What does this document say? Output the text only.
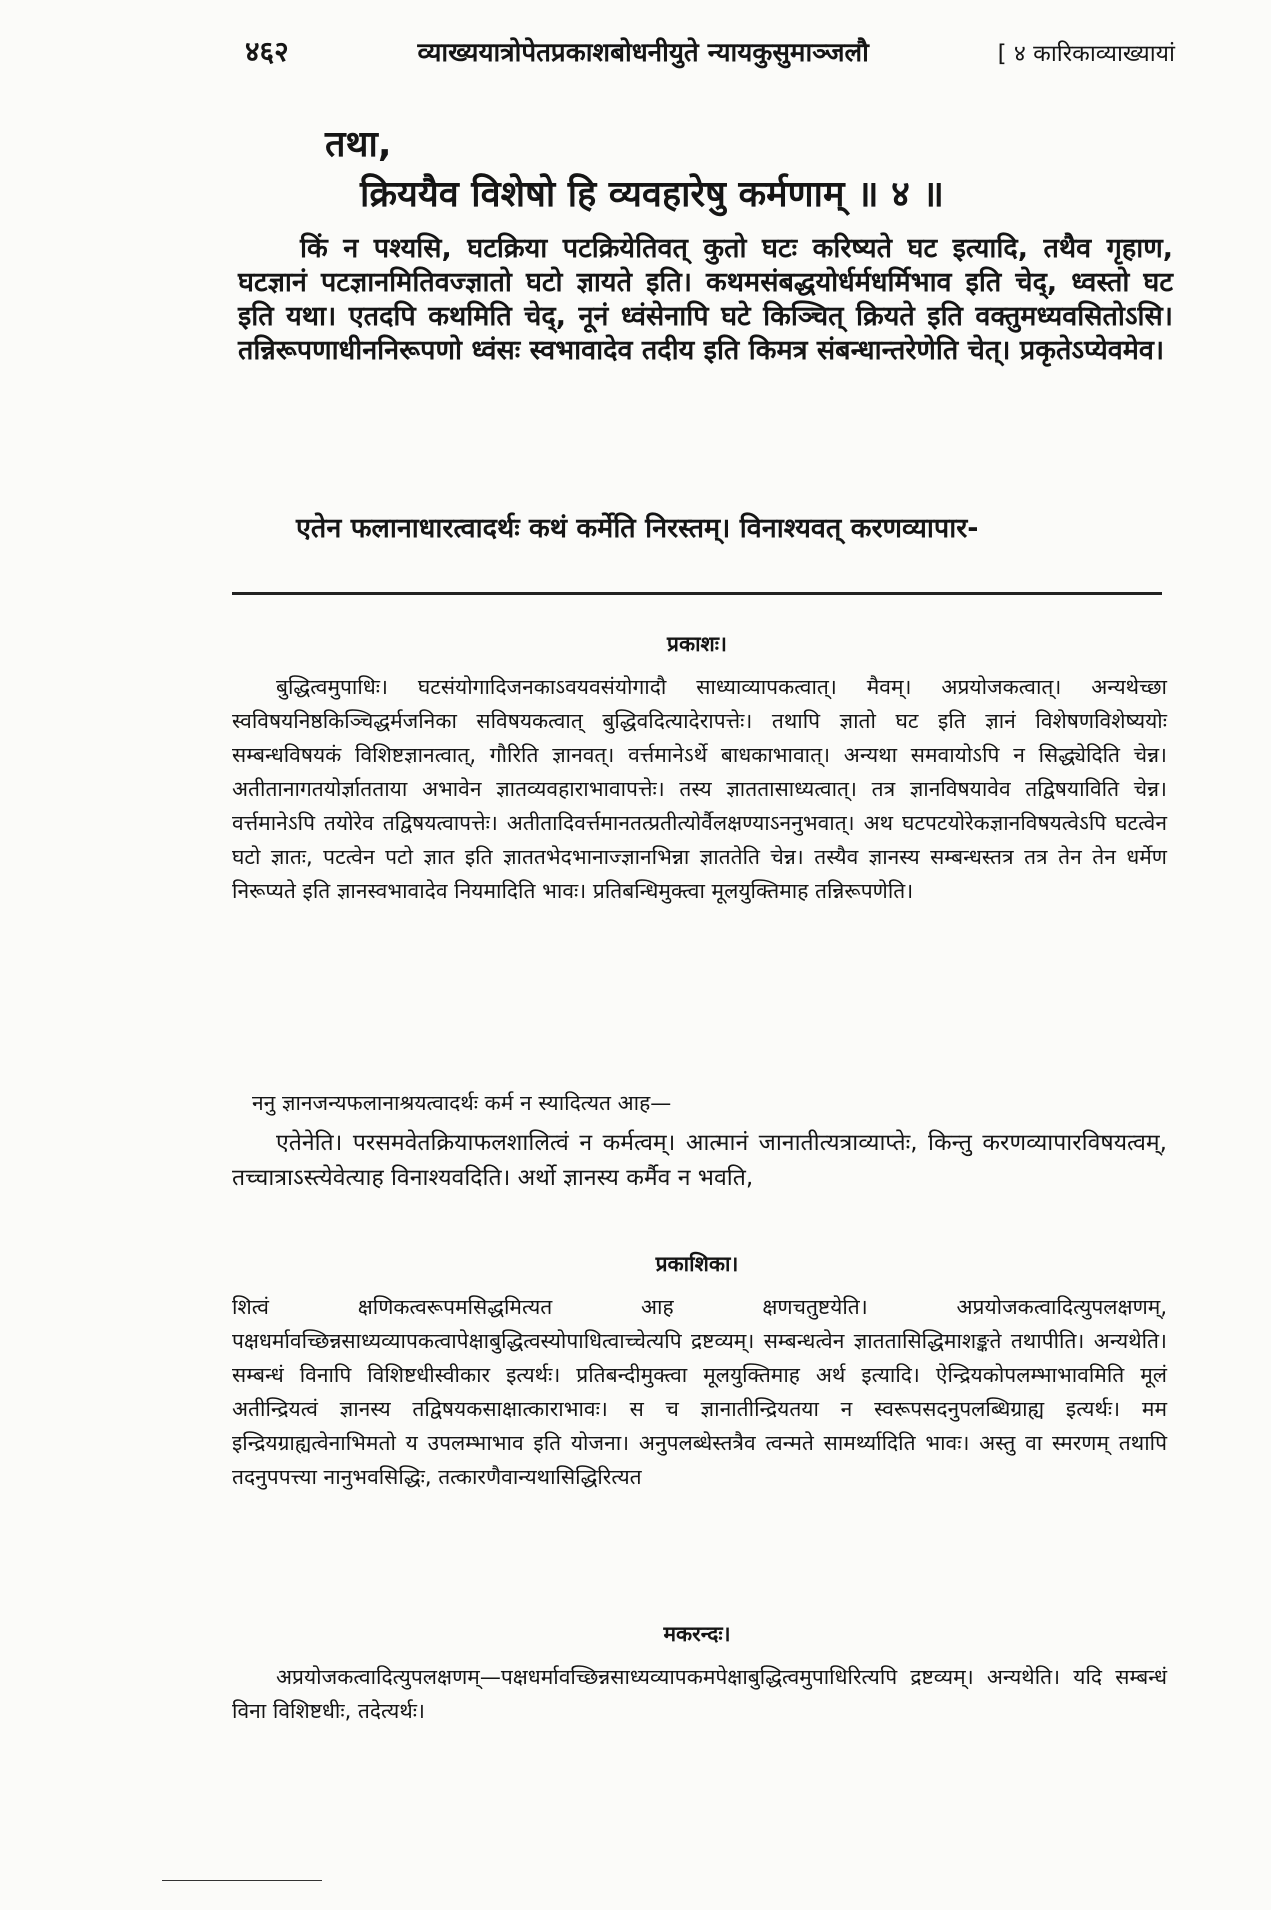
४६२	व्याख्ययात्रोपेतप्रकाशबोधनीयुते न्यायकुसुमाञ्जलौ	[ ४ कारिकाव्याख्यायां
तथा,
क्रिययैव विशेषो हि व्यवहारेषु कर्मणाम् ॥ ४ ॥
किं न पश्यसि, घटक्रिया पटक्रियेतिवत् कुतो घटः करिष्यते घट इत्यादि, तथैव गृहाण, घटज्ञानं पटज्ञानमितिवज्ज्ञातो घटो ज्ञायते इति। कथमसंबद्धयोर्धर्मधर्मिभाव इति चेद्, ध्वस्तो घट इति यथा। एतदपि कथमिति चेद्, नूनं ध्वंसेनापि घटे किञ्चित् क्रियते इति वक्तुमध्यवसितोऽसि। तन्निरूपणाधीननिरूपणो ध्वंसः स्वभावादेव तदीय इति किमत्र संबन्धान्तरेणेति चेत्। प्रकृतेऽप्येवमेव।
एतेन फलानाधारत्वादर्थः कथं कर्मेति निरस्तम्। विनाश्यवत् करणव्यापार-
प्रकाशः।
बुद्धित्वमुपाधिः। घटसंयोगादिजनकाऽवयवसंयोगादौ साध्याव्यापकत्वात्। मैवम्। अप्रयोजकत्वात्। अन्यथेच्छा स्वविषयनिष्ठकिञ्चिद्धर्मजनिका सविषयकत्वात् बुद्धिवदित्यादेरापत्तेः। तथापि ज्ञातो घट इति ज्ञानं विशेषणविशेष्ययोः सम्बन्धविषयकं विशिष्टज्ञानत्वात्, गौरिति ज्ञानवत्। वर्त्तमानेऽर्थे बाधकाभावात्। अन्यथा समवायोऽपि न सिद्ध्येदिति चेन्न। अतीतानागतयोर्ज्ञातताया अभावेन ज्ञातव्यवहाराभावापत्तेः। तस्य ज्ञाततासाध्यत्वात्। तत्र ज्ञानविषयावेव तद्विषयाविति चेन्न। वर्त्तमानेऽपि तयोरेव तद्विषयत्वापत्तेः। अतीतादिवर्त्तमानतत्प्रतीत्योर्वैलक्षण्याऽननुभवात्। अथ घटपटयोरेकज्ञानविषयत्वेऽपि घटत्वेन घटो ज्ञातः, पटत्वेन पटो ज्ञात इति ज्ञाततभेदभानाज्ज्ञानभिन्ना ज्ञाततेति चेन्न। तस्यैव ज्ञानस्य सम्बन्धस्तत्र तत्र तेन तेन धर्मेण निरूप्यते इति ज्ञानस्वभावादेव नियमादिति भावः। प्रतिबन्धिमुक्त्वा मूलयुक्तिमाह तन्निरूपणेति।
ननु ज्ञानजन्यफलानाश्रयत्वादर्थः कर्म न स्यादित्यत आह—
एतेनेति। परसमवेतक्रियाफलशालित्वं न कर्मत्वम्। आत्मानं जानातीत्यत्राव्याप्तेः, किन्तु करणव्यापारविषयत्वम्, तच्चात्राऽस्त्येवेत्याह विनाश्यवदिति। अर्थो ज्ञानस्य कर्मैव न भवति,
प्रकाशिका।
शित्वं क्षणिकत्वरूपमसिद्धमित्यत आह क्षणचतुष्टयेति। अप्रयोजकत्वादित्युपलक्षणम्, पक्षधर्मावच्छिन्नसाध्यव्यापकत्वापेक्षाबुद्धित्वस्योपाधित्वाच्चेत्यपि द्रष्टव्यम्। सम्बन्धत्वेन ज्ञाततासिद्धिमाशङ्कते तथापीति। अन्यथेति। सम्बन्धं विनापि विशिष्टधीस्वीकार इत्यर्थः। प्रतिबन्दीमुक्त्वा मूलयुक्तिमाह अर्थ इत्यादि। ऐन्द्रियकोपलम्भाभावमिति मूलं अतीन्द्रियत्वं ज्ञानस्य तद्विषयकसाक्षात्काराभावः। स च ज्ञानातीन्द्रियतया न स्वरूपसदनुपलब्धिग्राह्य इत्यर्थः। मम इन्द्रियग्राह्यत्वेनाभिमतो य उपलम्भाभाव इति योजना। अनुपलब्धेस्तत्रैव त्वन्मते सामर्थ्यादिति भावः। अस्तु वा स्मरणम् तथापि तदनुपपत्त्या नानुभवसिद्धिः, तत्कारणैवान्यथासिद्धिरित्यत
मकरन्दः।
अप्रयोजकत्वादित्युपलक्षणम्—पक्षधर्मावच्छिन्नसाध्यव्यापकमपेक्षाबुद्धित्वमुपाधिरित्यपि द्रष्टव्यम्। अन्यथेति। यदि सम्बन्धं विना विशिष्टधीः, तदेत्यर्थः।
